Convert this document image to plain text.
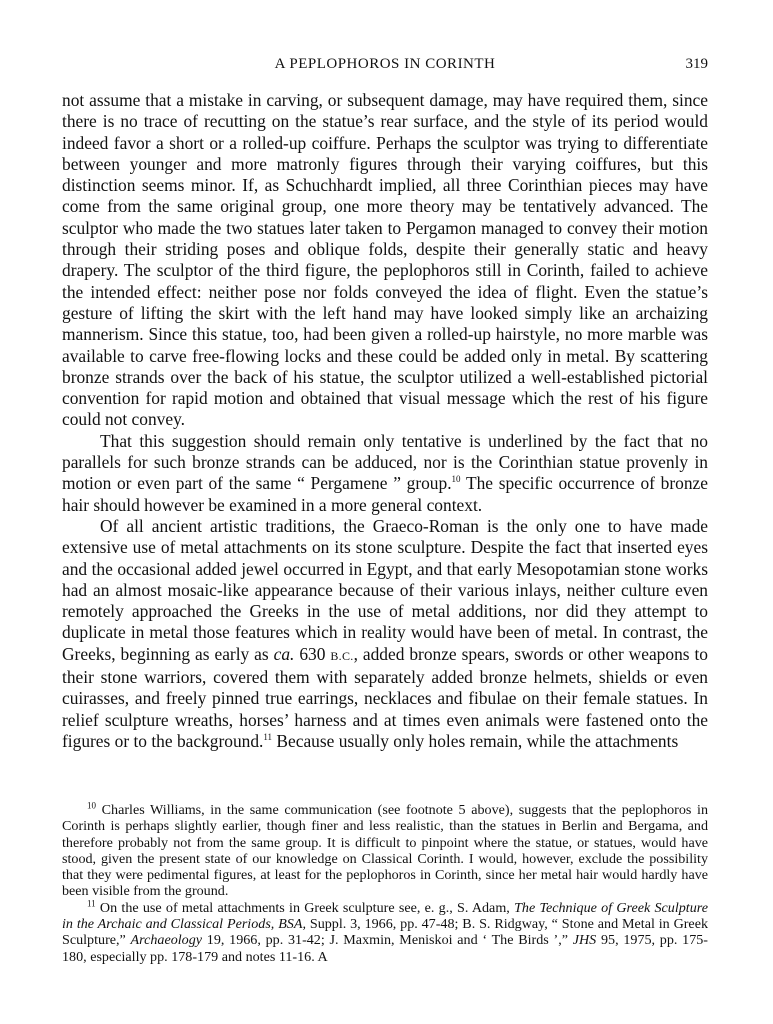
A PEPLOPHOROS IN CORINTH	319

not assume that a mistake in carving, or subsequent damage, may have required them, since there is no trace of recutting on the statue’s rear surface, and the style of its period would indeed favor a short or a rolled-up coiffure. Perhaps the sculptor was trying to differentiate between younger and more matronly figures through their varying coiffures, but this distinction seems minor. If, as Schuchhardt implied, all three Corinthian pieces may have come from the same original group, one more theory may be tentatively advanced. The sculptor who made the two statues later taken to Pergamon managed to convey their motion through their striding poses and oblique folds, despite their generally static and heavy drapery. The sculptor of the third figure, the peplophoros still in Corinth, failed to achieve the intended effect: neither pose nor folds conveyed the idea of flight. Even the statue’s gesture of lifting the skirt with the left hand may have looked simply like an archaizing mannerism. Since this statue, too, had been given a rolled-up hairstyle, no more marble was available to carve free-flowing locks and these could be added only in metal. By scattering bronze strands over the back of his statue, the sculptor utilized a well-established pictorial convention for rapid motion and obtained that visual message which the rest of his figure could not convey.

That this suggestion should remain only tentative is underlined by the fact that no parallels for such bronze strands can be adduced, nor is the Corinthian statue provenly in motion or even part of the same “ Pergamene ” group.$^{10}$ The specific occurrence of bronze hair should however be examined in a more general context.

Of all ancient artistic traditions, the Graeco-Roman is the only one to have made extensive use of metal attachments on its stone sculpture. Despite the fact that inserted eyes and the occasional added jewel occurred in Egypt, and that early Mesopotamian stone works had an almost mosaic-like appearance because of their various inlays, neither culture even remotely approached the Greeks in the use of metal additions, nor did they attempt to duplicate in metal those features which in reality would have been of metal. In contrast, the Greeks, beginning as early as ca. 630 B.C., added bronze spears, swords or other weapons to their stone warriors, covered them with separately added bronze helmets, shields or even cuirasses, and freely pinned true earrings, necklaces and fibulae on their female statues. In relief sculpture wreaths, horses’ harness and at times even animals were fastened onto the figures or to the background.$^{11}$ Because usually only holes remain, while the attachments

$^{10}$ Charles Williams, in the same communication (see footnote 5 above), suggests that the peplophoros in Corinth is perhaps slightly earlier, though finer and less realistic, than the statues in Berlin and Bergama, and therefore probably not from the same group. It is difficult to pinpoint where the statue, or statues, would have stood, given the present state of our knowledge on Classical Corinth. I would, however, exclude the possibility that they were pedimental figures, at least for the peplophoros in Corinth, since her metal hair would hardly have been visible from the ground.

$^{11}$ On the use of metal attachments in Greek sculpture see, e. g., S. Adam, The Technique of Greek Sculpture in the Archaic and Classical Periods, BSA, Suppl. 3, 1966, pp. 47-48; B. S. Ridgway, “ Stone and Metal in Greek Sculpture,” Archaeology 19, 1966, pp. 31-42; J. Maxmin, Meniskoi and ‘ The Birds ’,” JHS 95, 1975, pp. 175-180, especially pp. 178-179 and notes 11-16. A
